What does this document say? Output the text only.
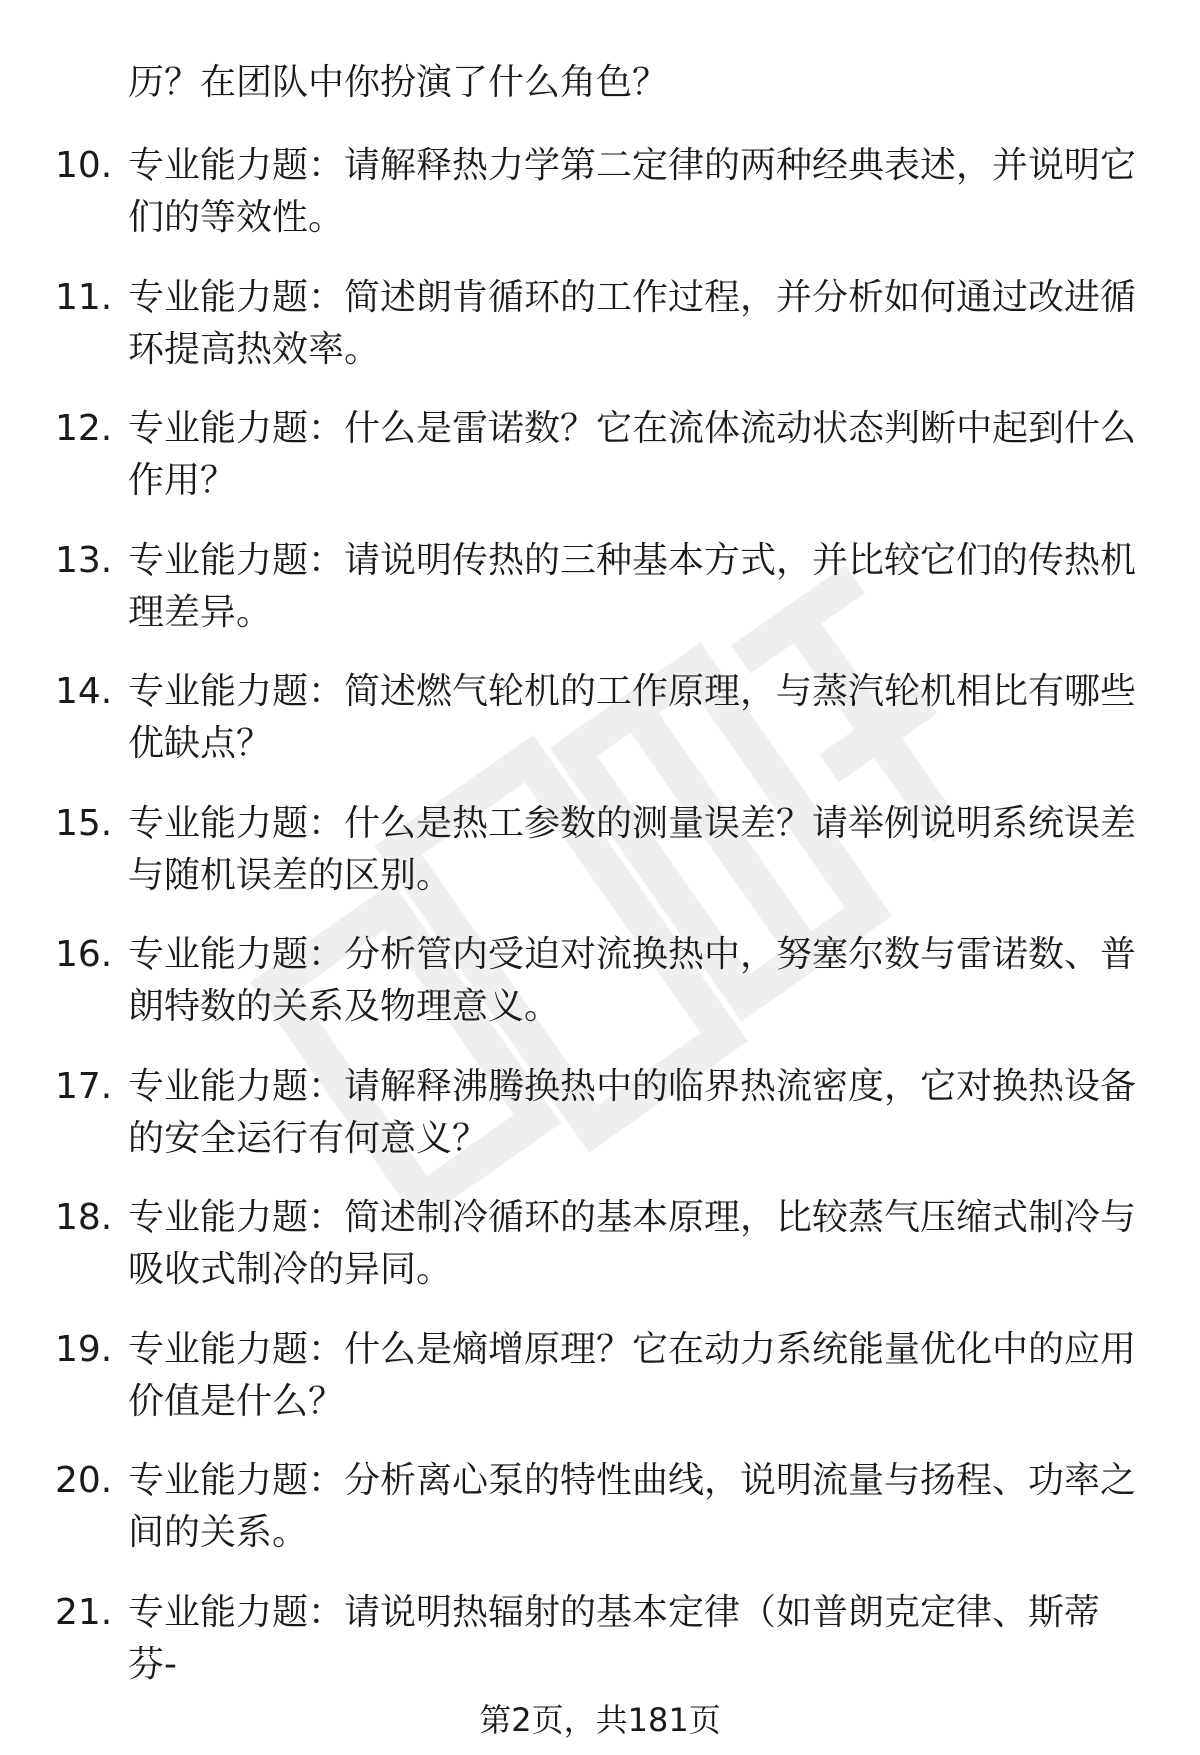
历？在团队中你扮演了什么角色？
10. 专业能力题：请解释热力学第二定律的两种经典表述，并说明它们的等效性。
11. 专业能力题：简述朗肯循环的工作过程，并分析如何通过改进循环提高热效率。
12. 专业能力题：什么是雷诺数？它在流体流动状态判断中起到什么作用？
13. 专业能力题：请说明传热的三种基本方式，并比较它们的传热机理差异。
14. 专业能力题：简述燃气轮机的工作原理，与蒸汽轮机相比有哪些优缺点？
15. 专业能力题：什么是热工参数的测量误差？请举例说明系统误差与随机误差的区别。
16. 专业能力题：分析管内受迫对流换热中，努塞尔数与雷诺数、普朗特数的关系及物理意义。
17. 专业能力题：请解释沸腾换热中的临界热流密度，它对换热设备的安全运行有何意义？
18. 专业能力题：简述制冷循环的基本原理，比较蒸气压缩式制冷与吸收式制冷的异同。
19. 专业能力题：什么是熵增原理？它在动力系统能量优化中的应用价值是什么？
20. 专业能力题：分析离心泵的特性曲线，说明流量与扬程、功率之间的关系。
21. 专业能力题：请说明热辐射的基本定律（如普朗克定律、斯蒂芬-
第2页，共181页
